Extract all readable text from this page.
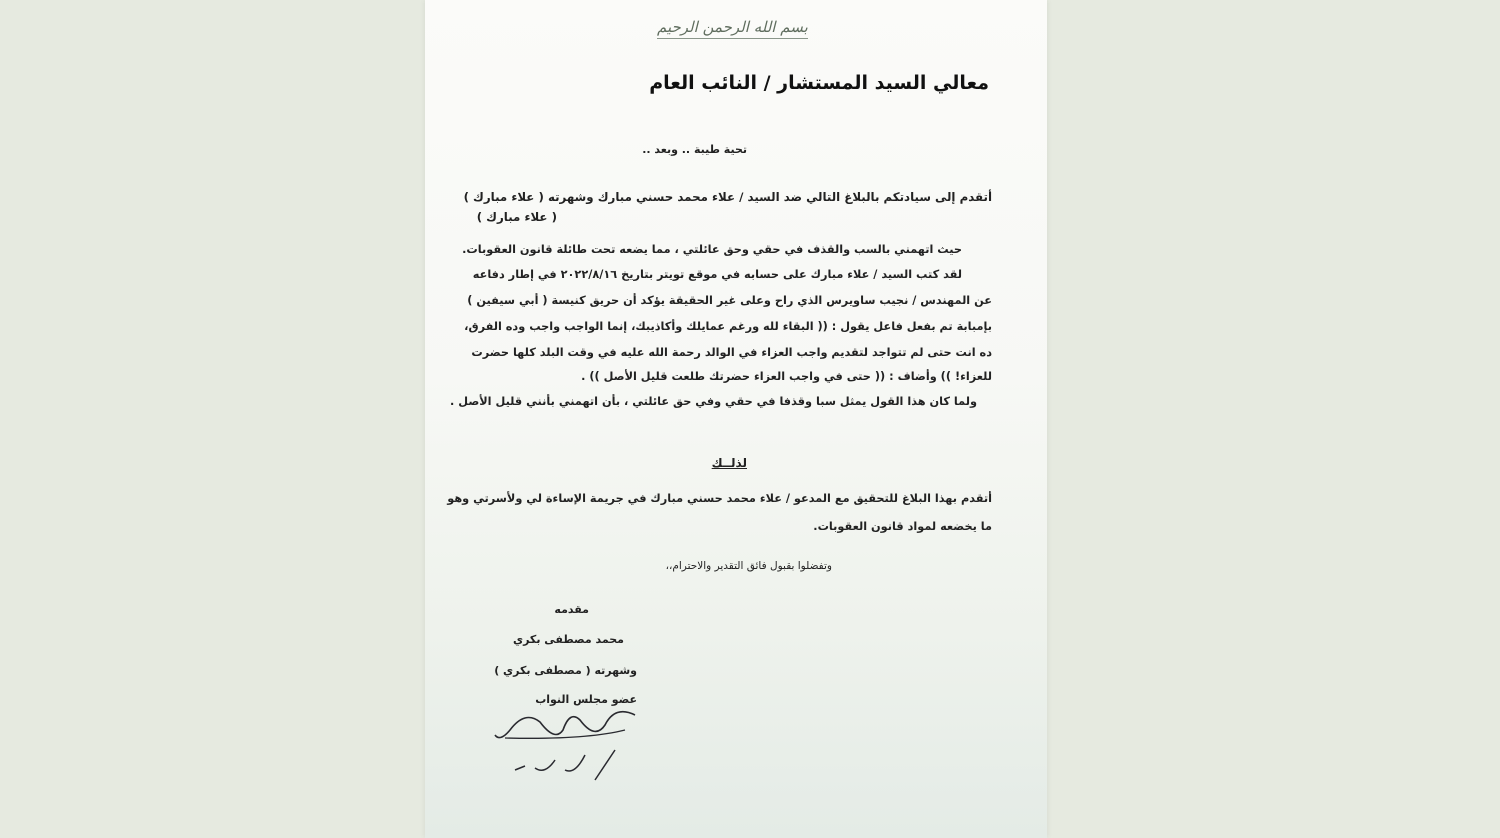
بسم الله الرحمن الرحيم
معالي السيد المستشار / النائب العام
تحية طيبة .. وبعد ..
أتقدم إلى سيادتكم بالبلاغ التالي ضد السيد / علاء محمد حسني مبارك وشهرته ( علاء مبارك )
( علاء مبارك )
حيث اتهمني بالسب والقذف في حقي وحق عائلتي ، مما يضعه تحت طائلة قانون العقوبات.
لقد كتب السيد / علاء مبارك على حسابه في موقع تويتر بتاريخ ٢٠٢٢/٨/١٦ في إطار دفاعه
عن المهندس / نجيب ساويرس الذي راح وعلى غير الحقيقة يؤكد أن حريق كنيسة ( أبي سيفين )
بإمبابة تم بفعل فاعل يقول : (( البقاء لله ورغم عمايلك وأكاذيبك، إنما الواجب واجب وده الفرق،
ده انت حتى لم تتواجد لتقديم واجب العزاء في الوالد رحمة الله عليه في وقت البلد كلها حضرت
للعزاء! )) وأضاف : (( حتى في واجب العزاء حضرتك طلعت قليل الأصل )) .
ولما كان هذا القول يمثل سبا وقذفا في حقي وفي حق عائلتي ، بأن اتهمني بأنني قليل الأصل .
لذلــك
أتقدم بهذا البلاغ للتحقيق مع المدعو / علاء محمد حسني مبارك في جريمة الإساءة لي ولأسرتي وهو
ما يخضعه لمواد قانون العقوبات.
وتفضلوا بقبول فائق التقدير والاحترام،،
مقدمه
محمد مصطفى بكري
وشهرته ( مصطفى بكري )
عضو مجلس النواب
